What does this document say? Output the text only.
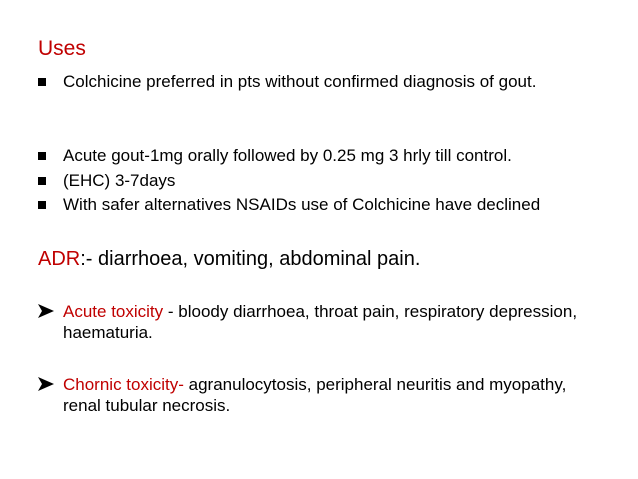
Uses
Colchicine preferred in pts without confirmed diagnosis of gout.
Acute gout-1mg orally followed by 0.25 mg 3 hrly till control.
(EHC) 3-7days
With safer alternatives NSAIDs use of Colchicine have declined
ADR:- diarrhoea, vomiting, abdominal pain.
Acute toxicity - bloody diarrhoea, throat pain, respiratory depression, haematuria.
Chornic toxicity- agranulocytosis, peripheral neuritis and myopathy, renal tubular necrosis.
